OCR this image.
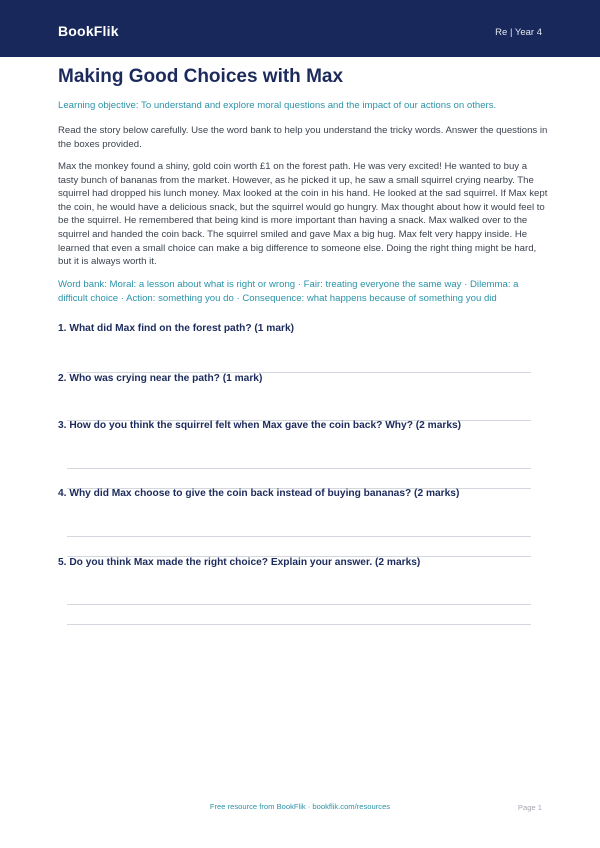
BookFlik	Re | Year 4
Making Good Choices with Max
Learning objective: To understand and explore moral questions and the impact of our actions on others.
Read the story below carefully. Use the word bank to help you understand the tricky words. Answer the questions in the boxes provided.
Max the monkey found a shiny, gold coin worth £1 on the forest path. He was very excited! He wanted to buy a tasty bunch of bananas from the market. However, as he picked it up, he saw a small squirrel crying nearby. The squirrel had dropped his lunch money. Max looked at the coin in his hand. He looked at the sad squirrel. If Max kept the coin, he would have a delicious snack, but the squirrel would go hungry. Max thought about how it would feel to be the squirrel. He remembered that being kind is more important than having a snack. Max walked over to the squirrel and handed the coin back. The squirrel smiled and gave Max a big hug. Max felt very happy inside. He learned that even a small choice can make a big difference to someone else. Doing the right thing might be hard, but it is always worth it.
Word bank: Moral: a lesson about what is right or wrong · Fair: treating everyone the same way · Dilemma: a difficult choice · Action: something you do · Consequence: what happens because of something you did
1. What did Max find on the forest path? (1 mark)
2. Who was crying near the path? (1 mark)
3. How do you think the squirrel felt when Max gave the coin back? Why? (2 marks)
4. Why did Max choose to give the coin back instead of buying bananas? (2 marks)
5. Do you think Max made the right choice? Explain your answer. (2 marks)
Free resource from BookFlik · bookflik.com/resources	Page 1
